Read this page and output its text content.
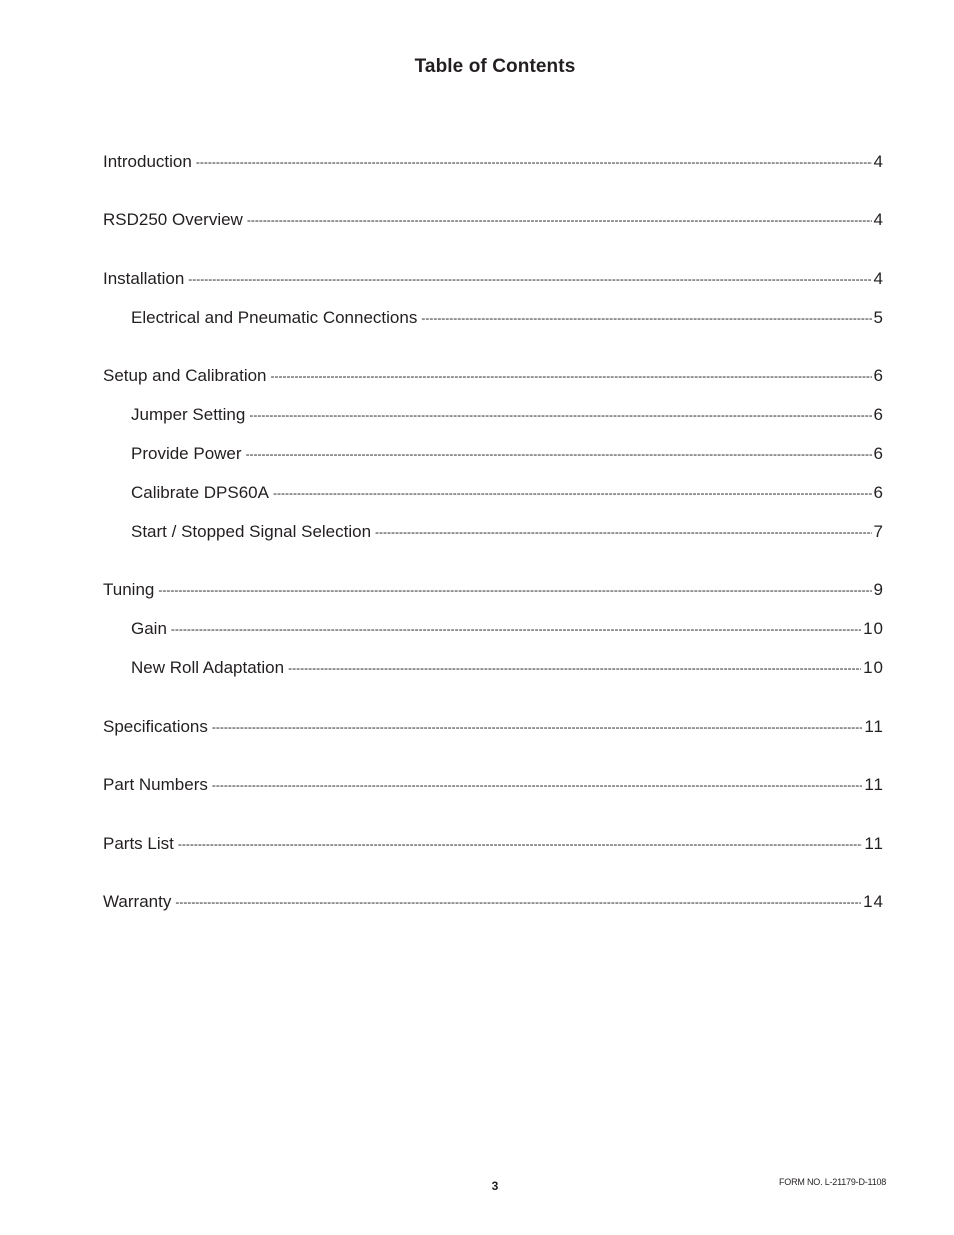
Table of Contents
Introduction -----	4
RSD250 Overview -----	4
Installation -----	4
Electrical and Pneumatic Connections -----	5
Setup and Calibration -----	6
Jumper Setting -----	6
Provide Power -----	6
Calibrate DPS60A -----	6
Start / Stopped Signal Selection -----	7
Tuning -----	9
Gain -----	10
New Roll Adaptation -----	10
Specifications -----	11
Part Numbers -----	11
Parts List -----	11
Warranty -----	14
3	FORM NO. L-21179-D-1108
